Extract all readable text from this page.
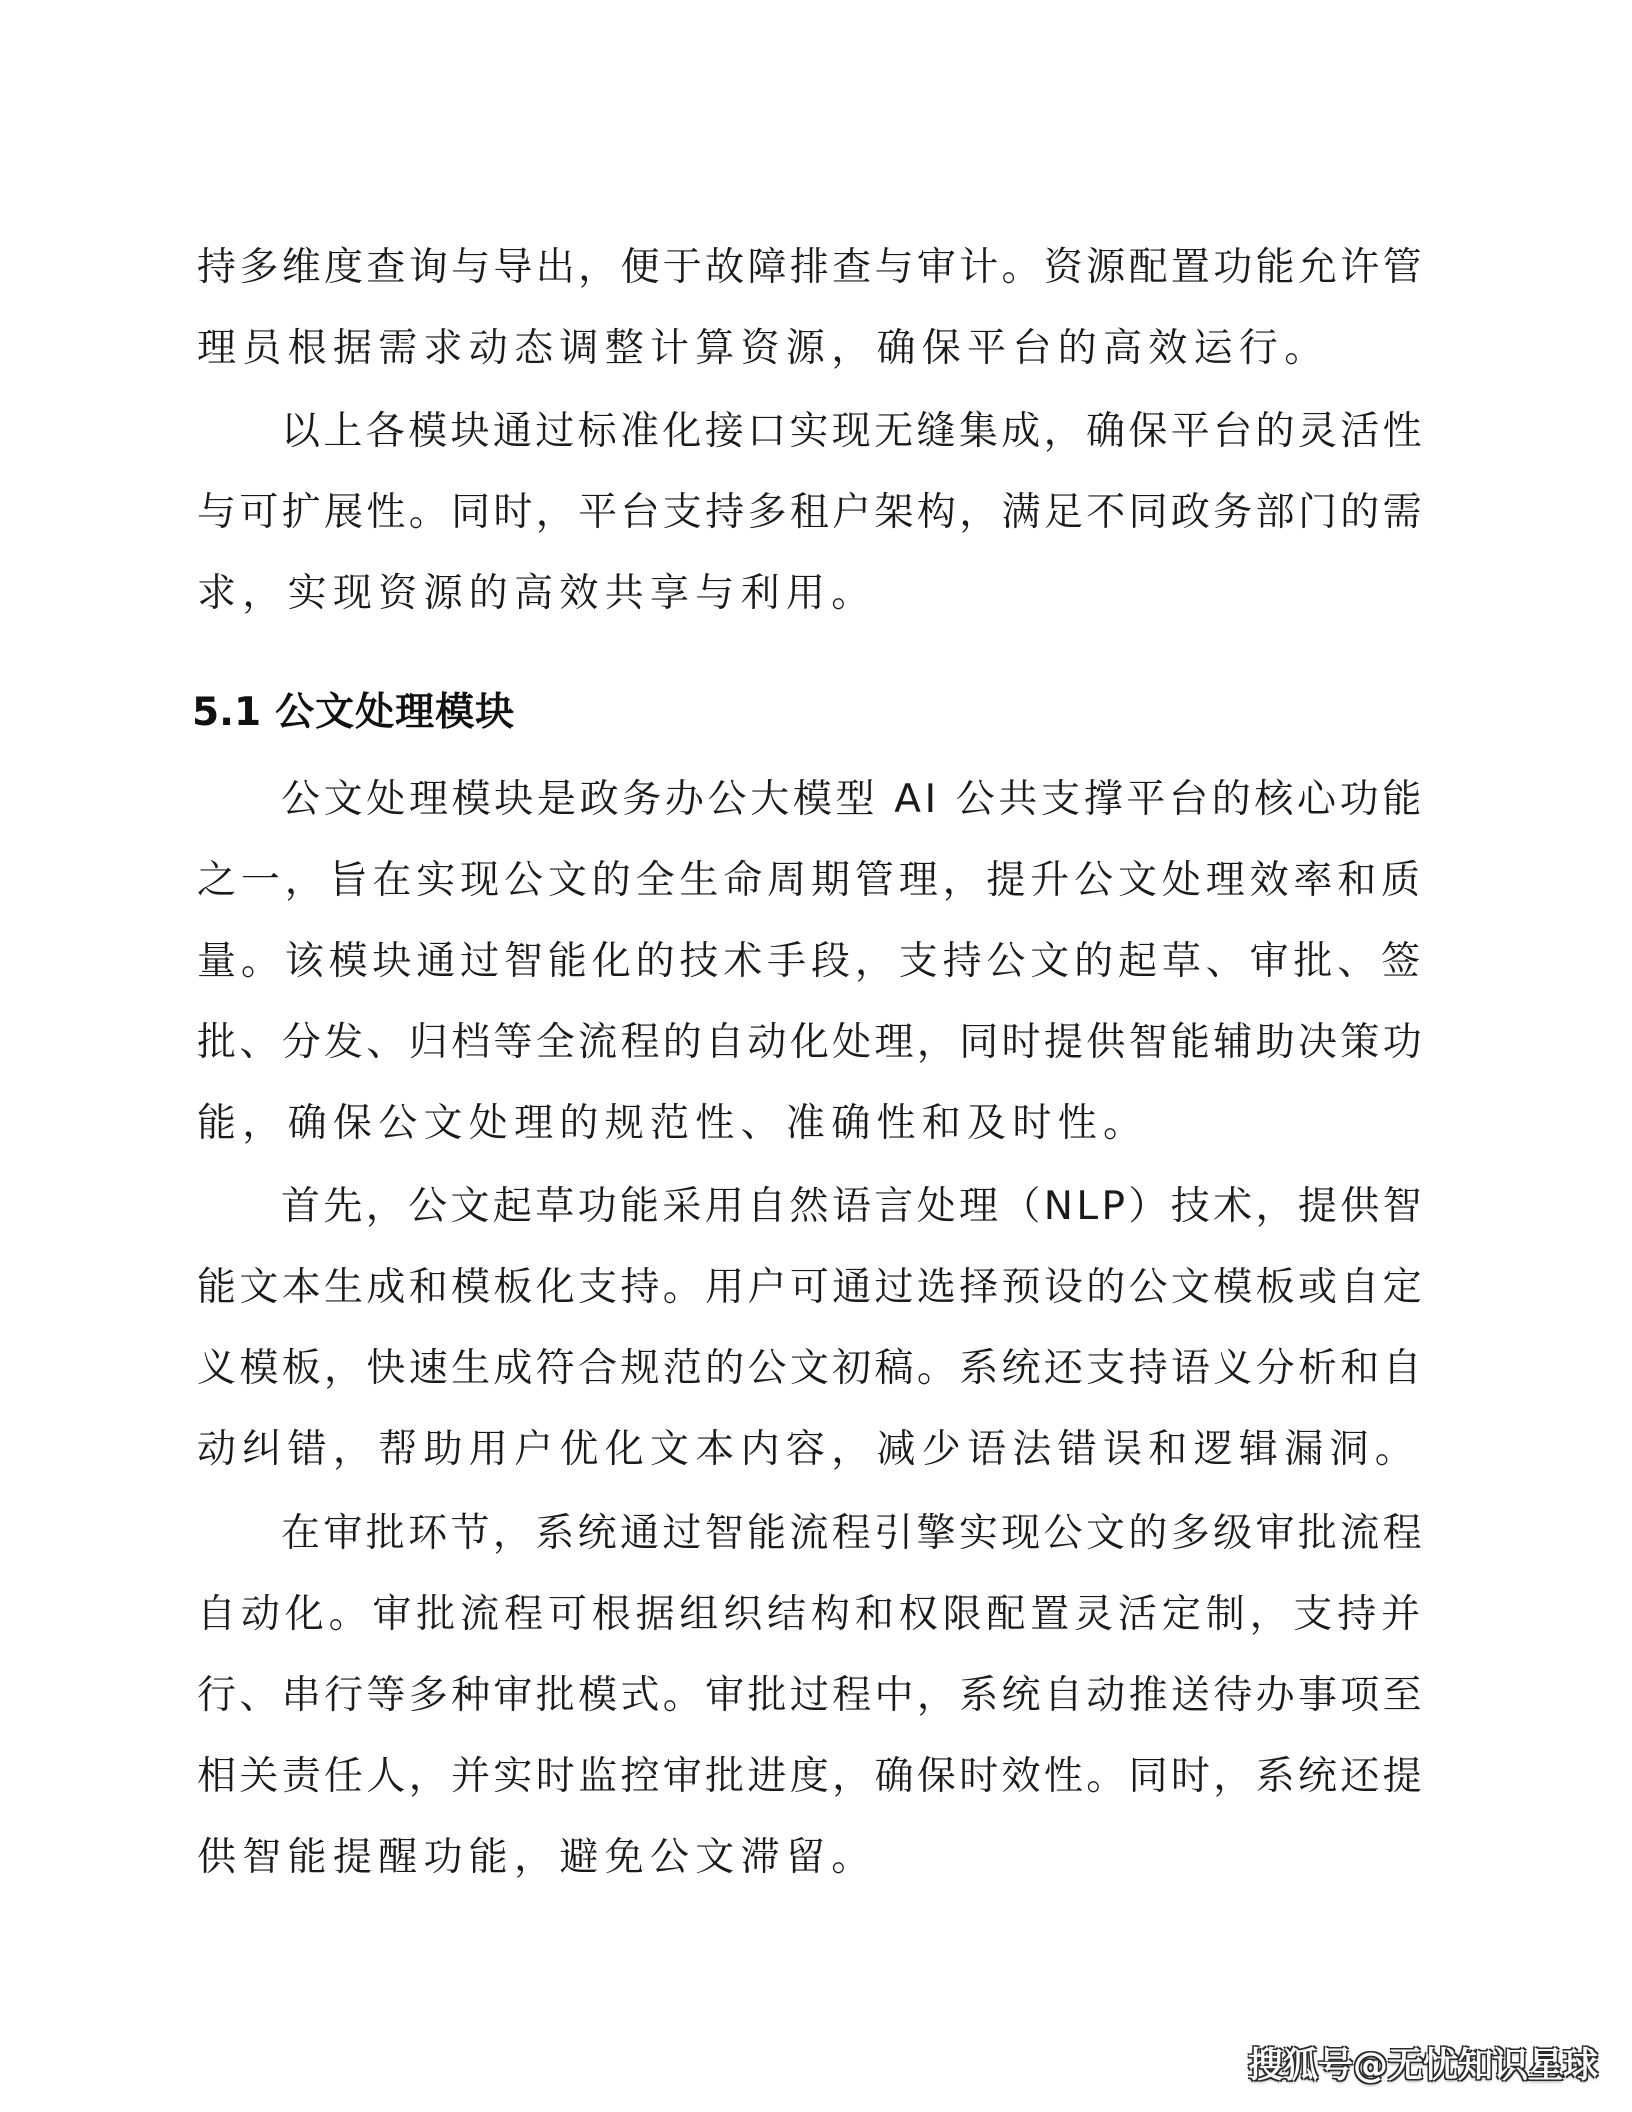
持多维度查询与导出，便于故障排查与审计。资源配置功能允许管
理员根据需求动态调整计算资源，确保平台的高效运行。
以上各模块通过标准化接口实现无缝集成，确保平台的灵活性
与可扩展性。同时，平台支持多租户架构，满足不同政务部门的需
求，实现资源的高效共享与利用。
5.1 公文处理模块
公文处理模块是政务办公大模型 AI 公共支撑平台的核心功能
之一，旨在实现公文的全生命周期管理，提升公文处理效率和质
量。该模块通过智能化的技术手段，支持公文的起草、审批、签
批、分发、归档等全流程的自动化处理，同时提供智能辅助决策功
能，确保公文处理的规范性、准确性和及时性。
首先，公文起草功能采用自然语言处理（NLP）技术，提供智
能文本生成和模板化支持。用户可通过选择预设的公文模板或自定
义模板，快速生成符合规范的公文初稿。系统还支持语义分析和自
动纠错，帮助用户优化文本内容，减少语法错误和逻辑漏洞。
在审批环节，系统通过智能流程引擎实现公文的多级审批流程
自动化。审批流程可根据组织结构和权限配置灵活定制，支持并
行、串行等多种审批模式。审批过程中，系统自动推送待办事项至
相关责任人，并实时监控审批进度，确保时效性。同时，系统还提
供智能提醒功能，避免公文滞留。
搜狐号@无忧知识星球
